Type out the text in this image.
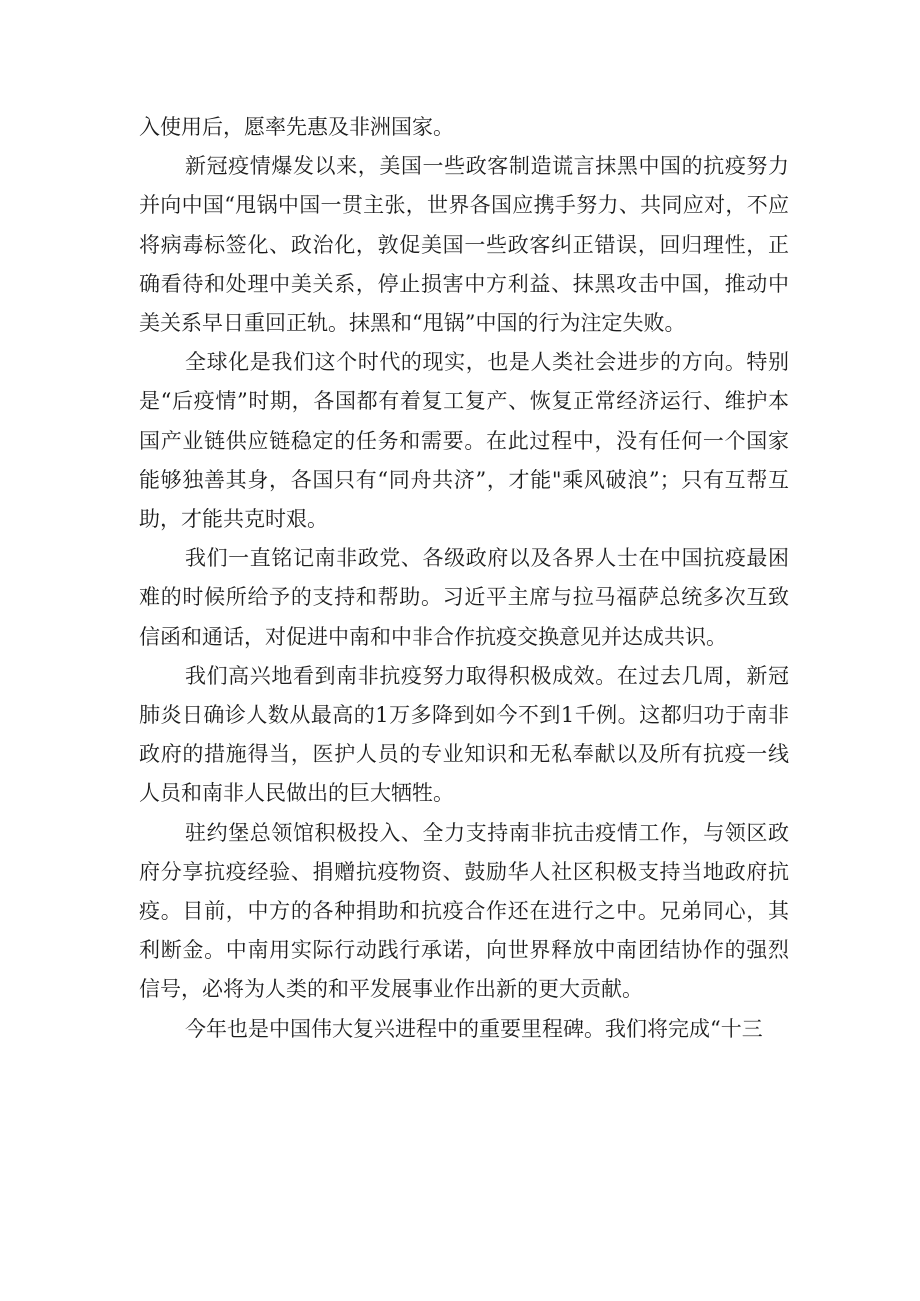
入使用后，愿率先惠及非洲国家。

新冠疫情爆发以来，美国一些政客制造谎言抹黑中国的抗疫努力并向中国“甩锅中国一贯主张，世界各国应携手努力、共同应对，不应将病毒标签化、政治化，敦促美国一些政客纠正错误，回归理性，正确看待和处理中美关系，停止损害中方利益、抹黑攻击中国，推动中美关系早日重回正轨。抹黑和“甩锅”中国的行为注定失败。

全球化是我们这个时代的现实，也是人类社会进步的方向。特别是“后疫情”时期，各国都有着复工复产、恢复正常经济运行、维护本国产业链供应链稳定的任务和需要。在此过程中，没有任何一个国家能够独善其身，各国只有“同舟共济”，才能"乘风破浪”；只有互帮互助，才能共克时艰。

我们一直铭记南非政党、各级政府以及各界人士在中国抗疫最困难的时候所给予的支持和帮助。习近平主席与拉马福萨总统多次互致信函和通话，对促进中南和中非合作抗疫交换意见并达成共识。

我们高兴地看到南非抗疫努力取得积极成效。在过去几周，新冠肺炎日确诊人数从最高的1万多降到如今不到1千例。这都归功于南非政府的措施得当，医护人员的专业知识和无私奉献以及所有抗疫一线人员和南非人民做出的巨大牺牲。

驻约堡总领馆积极投入、全力支持南非抗击疫情工作，与领区政府分享抗疫经验、捐赠抗疫物资、鼓励华人社区积极支持当地政府抗疫。目前，中方的各种捐助和抗疫合作还在进行之中。兄弟同心，其利断金。中南用实际行动践行承诺，向世界释放中南团结协作的强烈信号，必将为人类的和平发展事业作出新的更大贡献。

今年也是中国伟大复兴进程中的重要里程碑。我们将完成“十三
